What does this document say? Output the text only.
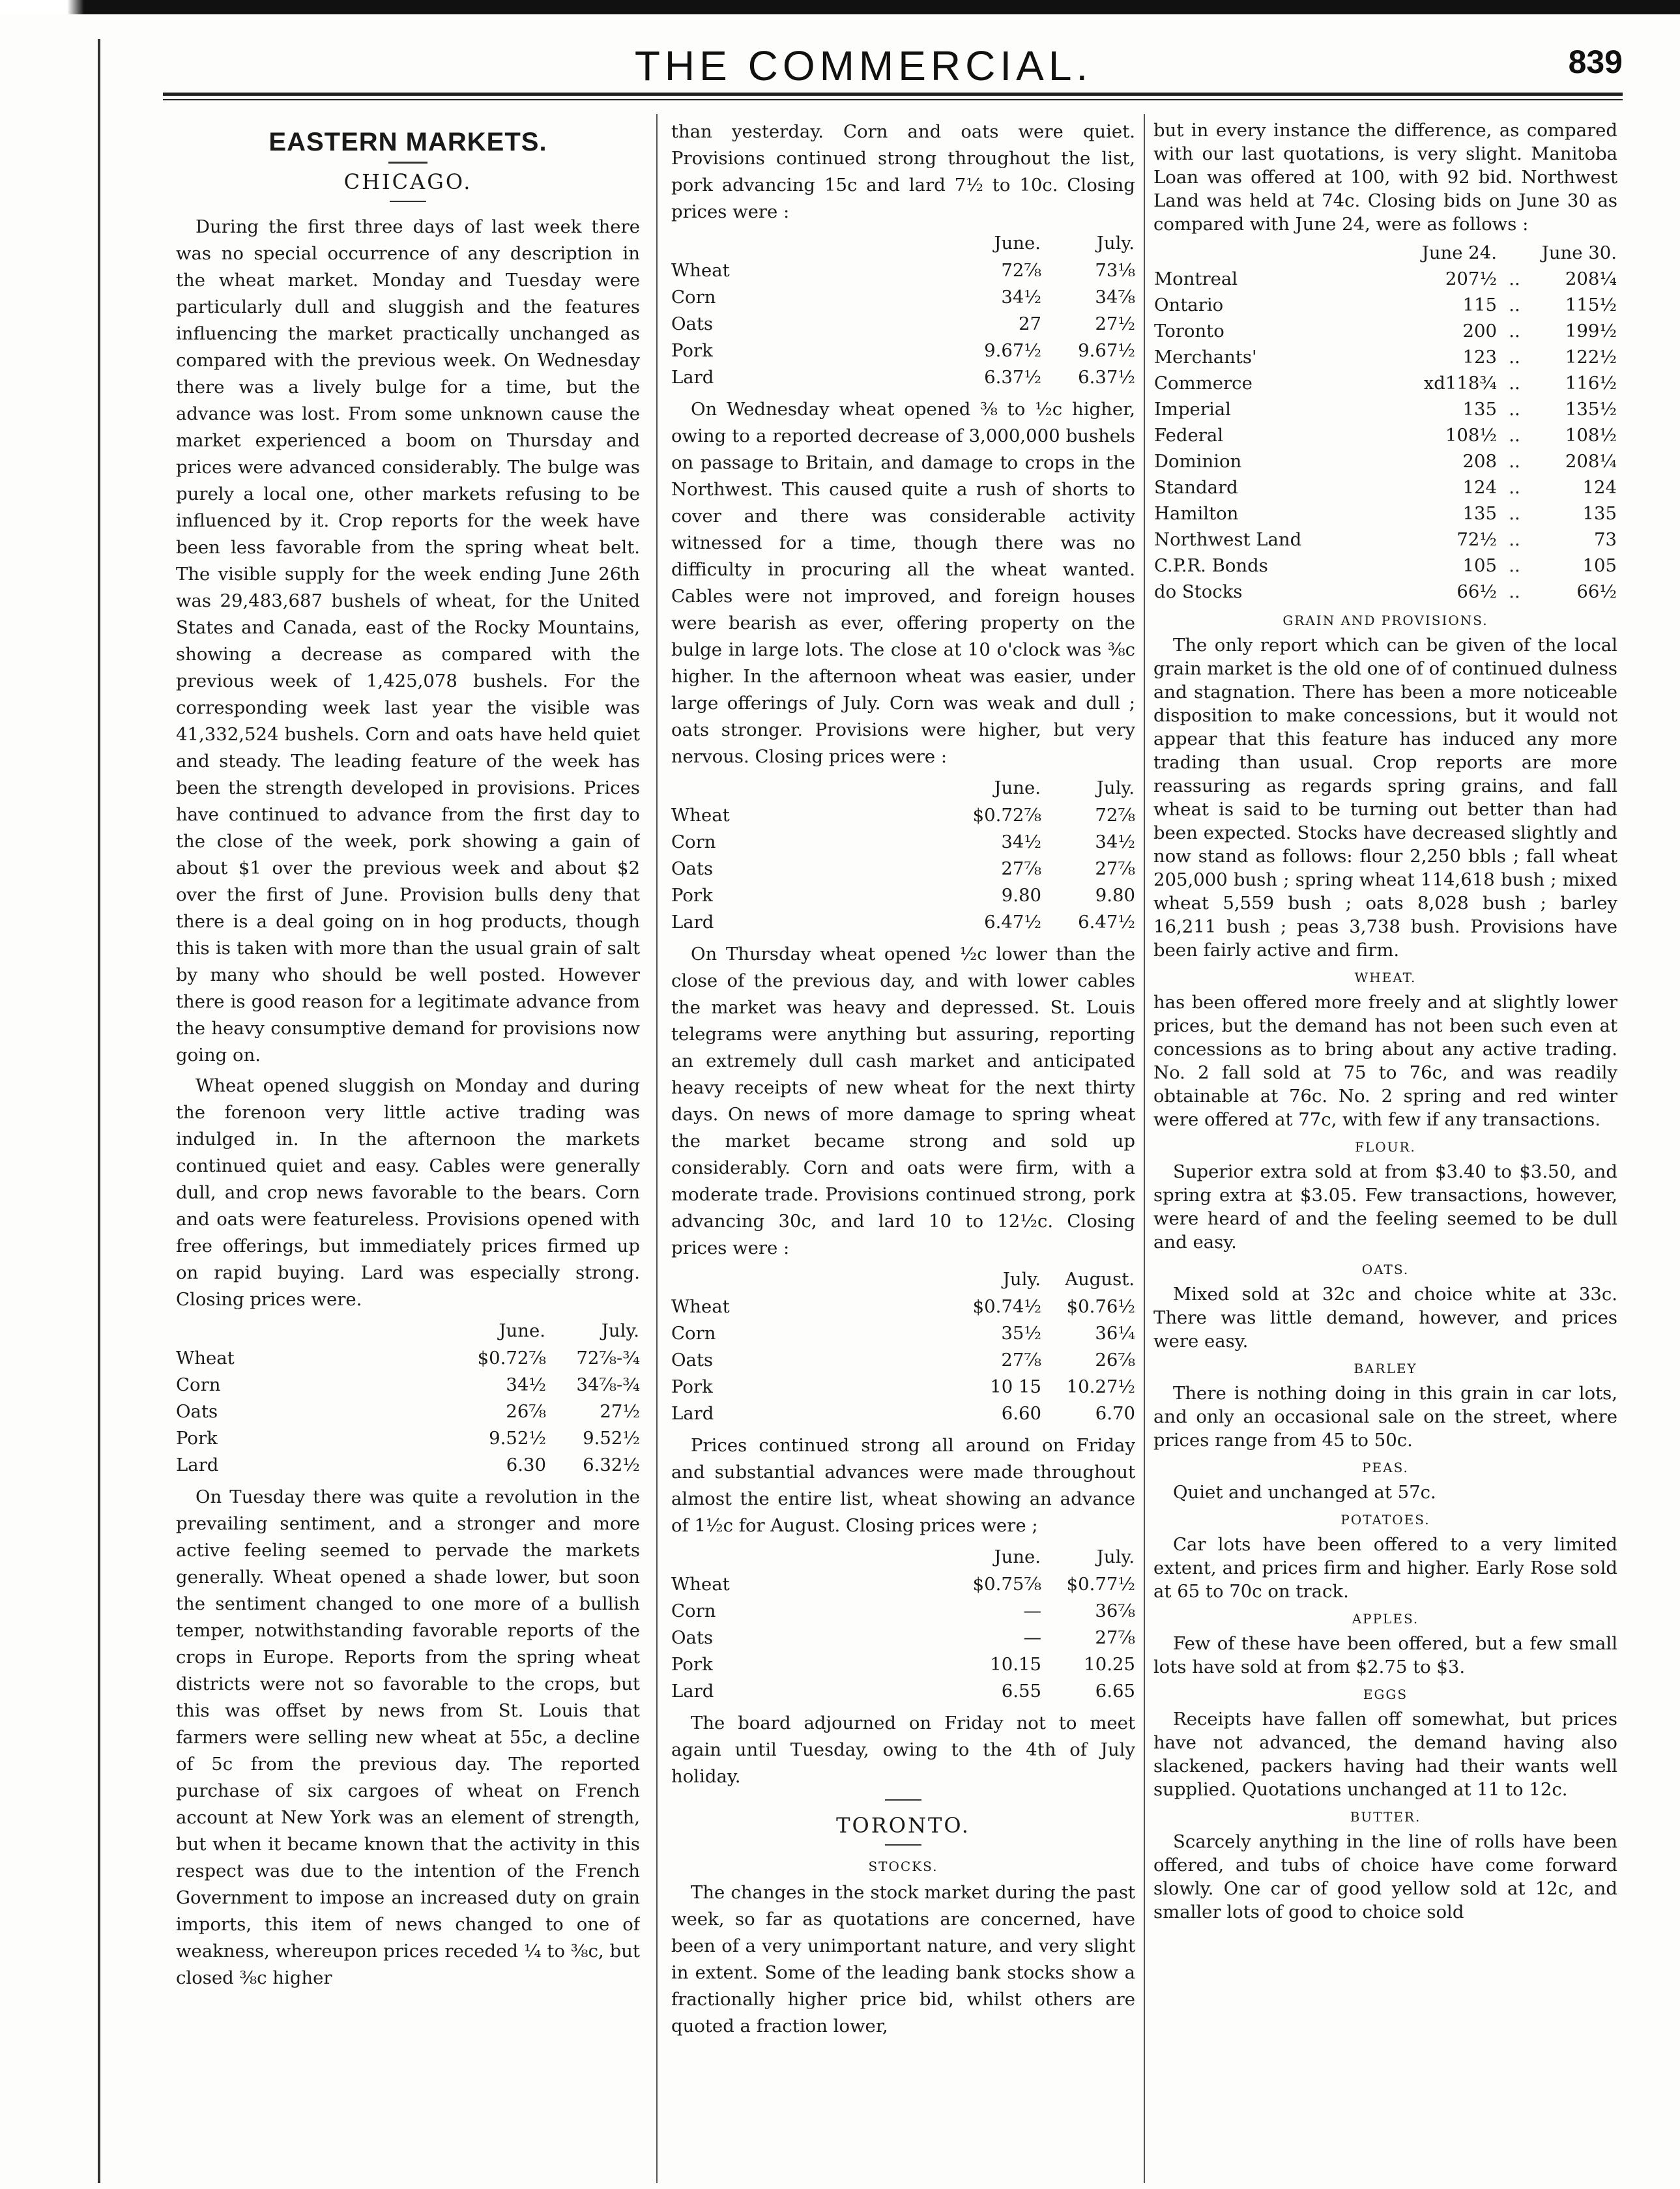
THE COMMERCIAL.	839
EASTERN MARKETS.
CHICAGO.

During the first three days of last week there was no special occurrence of any description in the wheat market. Monday and Tuesday were particularly dull and sluggish and the features influencing the market practically unchanged as compared with the previous week. On Wednesday there was a lively bulge for a time, but the advance was lost. From some unknown cause the market experienced a boom on Thursday and prices were advanced considerably. The bulge was purely a local one, other markets refusing to be influenced by it. Crop reports for the week have been less favorable from the spring wheat belt. The visible supply for the week ending June 26th was 29,483,687 bushels of wheat, for the United States and Canada, east of the Rocky Mountains, showing a decrease as compared with the previous week of 1,425,078 bushels. For the corresponding week last year the visible was 41,332,524 bushels. Corn and oats have held quiet and steady. The leading feature of the week has been the strength developed in provisions. Prices have continued to advance from the first day to the close of the week, pork showing a gain of about $1 over the previous week and about $2 over the first of June. Provision bulls deny that there is a deal going on in hog products, though this is taken with more than the usual grain of salt by many who should be well posted. However there is good reason for a legitimate advance from the heavy consumptive demand for provisions now going on.

Wheat opened sluggish on Monday and during the forenoon very little active trading was indulged in. In the afternoon the markets continued quiet and easy. Cables were generally dull, and crop news favorable to the bears. Corn and oats were featureless. Provisions opened with free offerings, but immediately prices firmed up on rapid buying. Lard was especially strong. Closing prices were.

	June.	July.
Wheat	$0.72⅞	72⅞-¾
Corn	34½	34⅞-¾
Oats	26⅞	27½
Pork	9.52½	9.52½
Lard	6.30	6.32½

On Tuesday there was quite a revolution in the prevailing sentiment, and a stronger and more active feeling seemed to pervade the markets generally. Wheat opened a shade lower, but soon the sentiment changed to one more of a bullish temper, notwithstanding favorable reports of the crops in Europe. Reports from the spring wheat districts were not so favorable to the crops, but this was offset by news from St. Louis that farmers were selling new wheat at 55c, a decline of 5c from the previous day. The reported purchase of six cargoes of wheat on French account at New York was an element of strength, but when it became known that the activity in this respect was due to the intention of the French Government to impose an increased duty on grain imports, this item of news changed to one of weakness, whereupon prices receded ¼ to ⅜c, but closed ⅜c higher

than yesterday. Corn and oats were quiet. Provisions continued strong throughout the list, pork advancing 15c and lard 7½ to 10c. Closing prices were :

	June.	July.
Wheat	72⅞	73⅛
Corn	34½	34⅞
Oats	27	27½
Pork	9.67½	9.67½
Lard	6.37½	6.37½

On Wednesday wheat opened ⅜ to ½c higher, owing to a reported decrease of 3,000,000 bushels on passage to Britain, and damage to crops in the Northwest. This caused quite a rush of shorts to cover and there was considerable activity witnessed for a time, though there was no difficulty in procuring all the wheat wanted. Cables were not improved, and foreign houses were bearish as ever, offering property on the bulge in large lots. The close at 10 o'clock was ⅜c higher. In the afternoon wheat was easier, under large offerings of July. Corn was weak and dull ; oats stronger. Provisions were higher, but very nervous. Closing prices were :

	June.	July.
Wheat	$0.72⅞	72⅞
Corn	34½	34½
Oats	27⅞	27⅞
Pork	9.80	9.80
Lard	6.47½	6.47½

On Thursday wheat opened ½c lower than the close of the previous day, and with lower cables the market was heavy and depressed. St. Louis telegrams were anything but assuring, reporting an extremely dull cash market and anticipated heavy receipts of new wheat for the next thirty days. On news of more damage to spring wheat the market became strong and sold up considerably. Corn and oats were firm, with a moderate trade. Provisions continued strong, pork advancing 30c, and lard 10 to 12½c. Closing prices were :

	July.	August.
Wheat	$0.74½	$0.76½
Corn	35½	36¼
Oats	27⅞	26⅞
Pork	10 15	10.27½
Lard	6.60	6.70

Prices continued strong all around on Friday and substantial advances were made throughout almost the entire list, wheat showing an advance of 1½c for August. Closing prices were ;

	June.	July.
Wheat	$0.75⅞	$0.77½
Corn	—	36⅞
Oats	—	27⅞
Pork	10.15	10.25
Lard	6.55	6.65

The board adjourned on Friday not to meet again until Tuesday, owing to the 4th of July holiday.

TORONTO.
STOCKS.

The changes in the stock market during the past week, so far as quotations are concerned, have been of a very unimportant nature, and very slight in extent. Some of the leading bank stocks show a fractionally higher price bid, whilst others are quoted a fraction lower,

but in every instance the difference, as compared with our last quotations, is very slight. Manitoba Loan was offered at 100, with 92 bid. Northwest Land was held at 74c. Closing bids on June 30 as compared with June 24, were as follows :

	June 24.		June 30.
Montreal	207½	..	208¼
Ontario	115	..	115½
Toronto	200	..	199½
Merchants'	123	..	122½
Commerce	xd118¾	..	116½
Imperial	135	..	135½
Federal	108½	..	108½
Dominion	208	..	208¼
Standard	124	..	124
Hamilton	135	..	135
Northwest Land	72½	..	73
C.P.R. Bonds	105	..	105
do Stocks	66½	..	66½
GRAIN AND PROVISIONS.

The only report which can be given of the local grain market is the old one of of continued dulness and stagnation. There has been a more noticeable disposition to make concessions, but it would not appear that this feature has induced any more trading than usual. Crop reports are more reassuring as regards spring grains, and fall wheat is said to be turning out better than had been expected. Stocks have decreased slightly and now stand as follows: flour 2,250 bbls ; fall wheat 205,000 bush ; spring wheat 114,618 bush ; mixed wheat 5,559 bush ; oats 8,028 bush ; barley 16,211 bush ; peas 3,738 bush. Provisions have been fairly active and firm.

WHEAT.

has been offered more freely and at slightly lower prices, but the demand has not been such even at concessions as to bring about any active trading. No. 2 fall sold at 75 to 76c, and was readily obtainable at 76c. No. 2 spring and red winter were offered at 77c, with few if any transactions.

FLOUR.

Superior extra sold at from $3.40 to $3.50, and spring extra at $3.05. Few transactions, however, were heard of and the feeling seemed to be dull and easy.

OATS.

Mixed sold at 32c and choice white at 33c. There was little demand, however, and prices were easy.

BARLEY

There is nothing doing in this grain in car lots, and only an occasional sale on the street, where prices range from 45 to 50c.

PEAS.

Quiet and unchanged at 57c.

POTATOES.

Car lots have been offered to a very limited extent, and prices firm and higher. Early Rose sold at 65 to 70c on track.

APPLES.

Few of these have been offered, but a few small lots have sold at from $2.75 to $3.

EGGS

Receipts have fallen off somewhat, but prices have not advanced, the demand having also slackened, packers having had their wants well supplied. Quotations unchanged at 11 to 12c.

BUTTER.

Scarcely anything in the line of rolls have been offered, and tubs of choice have come forward slowly. One car of good yellow sold at 12c, and smaller lots of good to choice sold
